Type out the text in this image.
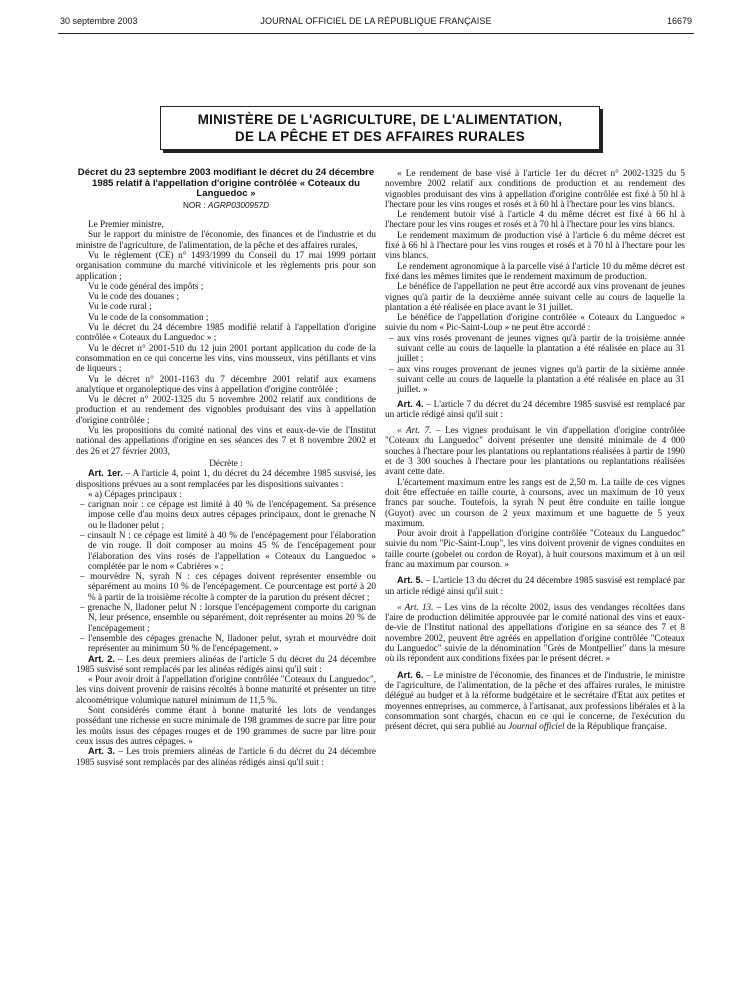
30 septembre 2003	JOURNAL OFFICIEL DE LA RÉPUBLIQUE FRANÇAISE	16679
MINISTÈRE DE L'AGRICULTURE, DE L'ALIMENTATION,
DE LA PÊCHE ET DES AFFAIRES RURALES
Décret du 23 septembre 2003 modifiant le décret du 24 décembre 1985 relatif à l'appellation d'origine contrôlée « Coteaux du Languedoc »
NOR : AGRP0300957D

Le Premier ministre,

Sur le rapport du ministre de l'économie, des finances et de l'industrie et du ministre de l'agriculture, de l'alimentation, de la pêche et des affaires rurales,

Vu le règlement (CE) n° 1493/1999 du Conseil du 17 mai 1999 portant organisation commune du marché vitivinicole et les règlements pris pour son application ;

Vu le code général des impôts ;

Vu le code des douanes ;

Vu le code rural ;

Vu le code de la consommation ;

Vu le décret du 24 décembre 1985 modifié relatif à l'appellation d'origine contrôlée « Coteaux du Languedoc » ;

Vu le décret n° 2001-510 du 12 juin 2001 portant application du code de la consommation en ce qui concerne les vins, vins mousseux, vins pétillants et vins de liqueurs ;

Vu le décret n° 2001-1163 du 7 décembre 2001 relatif aux examens analytique et organoleptique des vins à appellation d'origine contrôlée ;

Vu le décret n° 2002-1325 du 5 novembre 2002 relatif aux conditions de production et au rendement des vignobles produisant des vins à appellation d'origine contrôlée ;

Vu les propositions du comité national des vins et eaux-de-vie de l'Institut national des appellations d'origine en ses séances des 7 et 8 novembre 2002 et des 26 et 27 février 2003,

Décrète :

Art. 1er. – A l'article 4, point 1, du décret du 24 décembre 1985 susvisé, les dispositions prévues au a sont remplacées par les dispositions suivantes :

« a) Cépages principaux :

– carignan noir : ce cépage est limité à 40 % de l'encépagement. Sa présence impose celle d'au moins deux autres cépages principaux, dont le grenache N ou le lladoner pelut ;

– cinsault N : ce cépage est limité à 40 % de l'encépagement pour l'élaboration de vin rouge. Il doit composer au moins 45 % de l'encépagement pour l'élaboration des vins rosés de l'appellation « Coteaux du Languedoc » complétée par le nom « Cabrières » ;

– mourvèdre N, syrah N : ces cépages doivent représenter ensemble ou séparément au moins 10 % de l'encépagement. Ce pourcentage est porté à 20 % à partir de la troisième récolte à compter de la parution du présent décret ;

– grenache N, lladoner pelut N : lorsque l'encépagement comporte du carignan N, leur présence, ensemble ou séparément, doit représenter au moins 20 % de l'encépagement ;

– l'ensemble des cépages grenache N, lladoner pelut, syrah et mourvèdre doit représenter au minimum 50 % de l'encépagement. »

Art. 2. – Les deux premiers alinéas de l'article 5 du décret du 24 décembre 1985 susvisé sont remplacés par les alinéas rédigés ainsi qu'il suit :

« Pour avoir droit à l'appellation d'origine contrôlée "Coteaux du Languedoc", les vins doivent provenir de raisins récoltés à bonne maturité et présenter un titre alcoométrique volumique naturel minimum de 11,5 %.

Sont considérés comme étant à bonne maturité les lots de vendanges possédant une richesse en sucre minimale de 198 grammes de sucre par litre pour les moûts issus des cépages rouges et de 190 grammes de sucre par litre pour ceux issus des autres cépages. »

Art. 3. – Les trois premiers alinéas de l'article 6 du décret du 24 décembre 1985 susvisé sont remplacés par des alinéas rédigés ainsi qu'il suit :

« Le rendement de base visé à l'article 1er du décret n° 2002-1325 du 5 novembre 2002 relatif aux conditions de production et au rendement des vignobles produisant des vins à appellation d'origine contrôlée est fixé à 50 hl à l'hectare pour les vins rouges et rosés et à 60 hl à l'hectare pour les vins blancs.

Le rendement butoir visé à l'article 4 du même décret est fixé à 66 hl à l'hectare pour les vins rouges et rosés et à 70 hl à l'hectare pour les vins blancs.

Le rendement maximum de production visé à l'article 6 du même décret est fixé à 66 hl à l'hectare pour les vins rouges et rosés et à 70 hl à l'hectare pour les vins blancs.

Le rendement agronomique à la parcelle visé à l'article 10 du même décret est fixé dans les mêmes limites que le rendement maximum de production.

Le bénéfice de l'appellation ne peut être accordé aux vins provenant de jeunes vignes qu'à partir de la deuxième année suivant celle au cours de laquelle la plantation a été réalisée en place avant le 31 juillet.

Le bénéfice de l'appellation d'origine contrôlée « Coteaux du Languedoc » suivie du nom « Pic-Saint-Loup » ne peut être accordé :

– aux vins rosés provenant de jeunes vignes qu'à partir de la troisième année suivant celle au cours de laquelle la plantation a été réalisée en place au 31 juillet ;

– aux vins rouges provenant de jeunes vignes qu'à partir de la sixième année suivant celle au cours de laquelle la plantation a été réalisée en place au 31 juillet. »

Art. 4. – L'article 7 du décret du 24 décembre 1985 susvisé est remplacé par un article rédigé ainsi qu'il suit :

« Art. 7. – Les vignes produisant le vin d'appellation d'origine contrôlée "Coteaux du Languedoc" doivent présenter une densité minimale de 4 000 souches à l'hectare pour les plantations ou replantations réalisées à partir de 1990 et de 3 300 souches à l'hectare pour les plantations ou replantations réalisées avant cette date.

L'écartement maximum entre les rangs est de 2,50 m. La taille de ces vignes doit être effectuée en taille courte, à coursons, avec un maximum de 10 yeux francs par souche. Toutefois, la syrah N peut être conduite en taille longue (Guyot) avec un courson de 2 yeux maximum et une baguette de 5 yeux maximum.

Pour avoir droit à l'appellation d'origine contrôlée "Coteaux du Languedoc" suivie du nom "Pic-Saint-Loup", les vins doivent provenir de vignes conduites en taille courte (gobelet ou cordon de Royat), à huit coursons maximum et à un œil franc au maximum par courson. »

Art. 5. – L'article 13 du décret du 24 décembre 1985 susvisé est remplacé par un article rédigé ainsi qu'il suit :

« Art. 13. – Les vins de la récolte 2002, issus des vendanges récoltées dans l'aire de production délimitée approuvée par le comité national des vins et eaux-de-vie de l'Institut national des appellations d'origine en sa séance des 7 et 8 novembre 2002, peuvent être agréés en appellation d'origine contrôlée "Coteaux du Languedoc" suivie de la dénomination "Grès de Montpellier" dans la mesure où ils répondent aux conditions fixées par le présent décret. »

Art. 6. – Le ministre de l'économie, des finances et de l'industrie, le ministre de l'agriculture, de l'alimentation, de la pêche et des affaires rurales, le ministre délégué au budget et à la réforme budgétaire et le secrétaire d'Etat aux petites et moyennes entreprises, au commerce, à l'artisanat, aux professions libérales et à la consommation sont chargés, chacun en ce qui le concerne, de l'exécution du présent décret, qui sera publié au Journal officiel de la République française.
